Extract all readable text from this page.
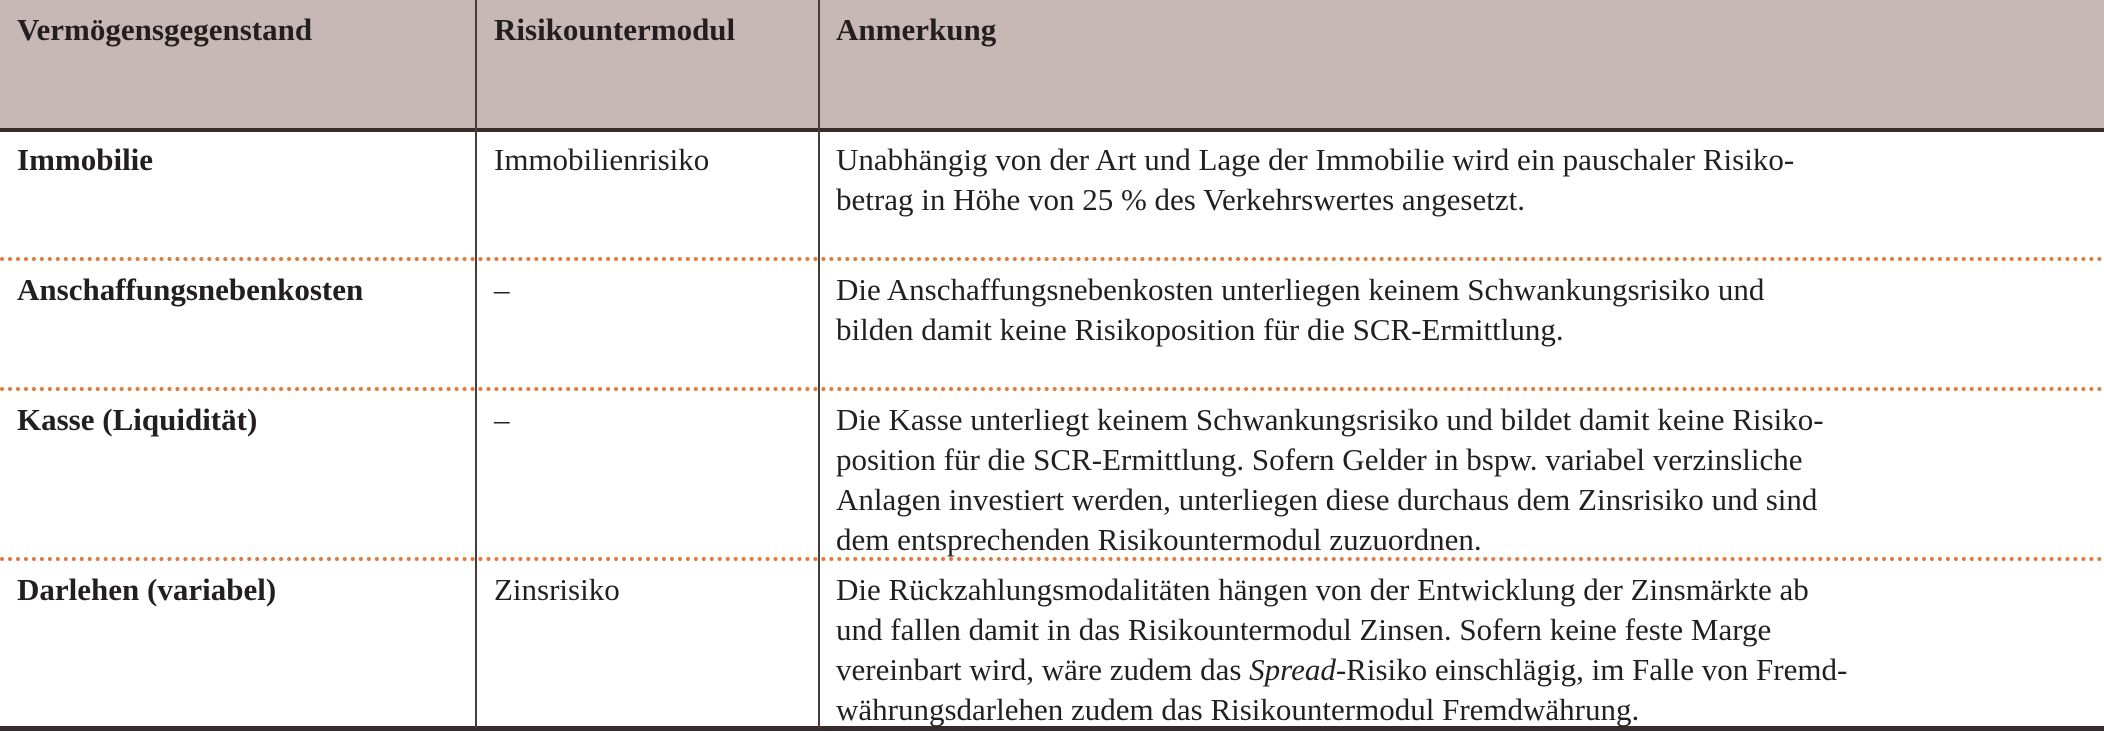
Vermögensgegenstand	Risikountermodul	Anmerkung
Immobilie	Immobilienrisiko	Unabhängig von der Art und Lage der Immobilie wird ein pauschaler Risiko-
betrag in Höhe von 25 % des Verkehrswertes angesetzt.
Anschaffungsnebenkosten	–	Die Anschaffungsnebenkosten unterliegen keinem Schwankungsrisiko und
bilden damit keine Risikoposition für die SCR-Ermittlung.
Kasse (Liquidität)	–	Die Kasse unterliegt keinem Schwankungsrisiko und bildet damit keine Risiko-
position für die SCR-Ermittlung. Sofern Gelder in bspw. variabel verzinsliche
Anlagen investiert werden, unterliegen diese durchaus dem Zinsrisiko und sind
dem entsprechenden Risikountermodul zuzuordnen.
Darlehen (variabel)	Zinsrisiko	Die Rückzahlungsmodalitäten hängen von der Entwicklung der Zinsmärkte ab
und fallen damit in das Risikountermodul Zinsen. Sofern keine feste Marge
vereinbart wird, wäre zudem das Spread-Risiko einschlägig, im Falle von Fremd-
währungsdarlehen zudem das Risikountermodul Fremdwährung.
